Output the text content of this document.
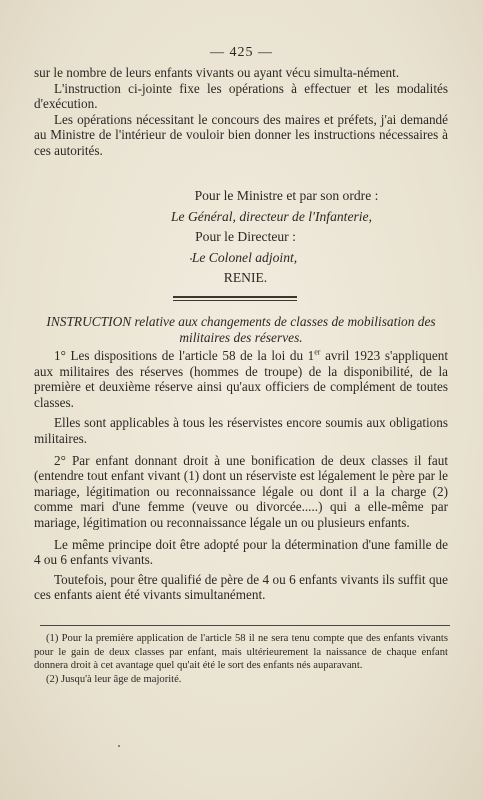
— 425 —

sur le nombre de leurs enfants vivants ou ayant vécu simulta-nément.

L'instruction ci-jointe fixe les opérations à effectuer et les modalités d'exécution.

Les opérations nécessitant le concours des maires et préfets, j'ai demandé au Ministre de l'intérieur de vouloir bien donner les instructions nécessaires à ces autorités.

Pour le Ministre et par son ordre :
Le Général, directeur de l'Infanterie,
Pour le Directeur :
Le Colonel adjoint,
RENIE.
INSTRUCTION relative aux changements de classes de mobilisation des militaires des réserves.

1° Les dispositions de l'article 58 de la loi du 1er avril 1923 s'appliquent aux militaires des réserves (hommes de troupe) de la disponibilité, de la première et deuxième réserve ainsi qu'aux officiers de complément de toutes classes.

Elles sont applicables à tous les réservistes encore soumis aux obligations militaires.

2° Par enfant donnant droit à une bonification de deux classes il faut (entendre tout enfant vivant (1) dont un réserviste est légalement le père par le mariage, légitimation ou reconnaissance légale ou dont il a la charge (2) comme mari d'une femme (veuve ou divorcée.....) qui a elle-même par mariage, légitimation ou reconnaissance légale un ou plusieurs enfants.

Le même principe doit être adopté pour la détermination d'une famille de 4 ou 6 enfants vivants.

Toutefois, pour être qualifié de père de 4 ou 6 enfants vivants ils suffit que ces enfants aient été vivants simultanément.

(1) Pour la première application de l'article 58 il ne sera tenu compte que des enfants vivants pour le gain de deux classes par enfant, mais ultérieurement la naissance de chaque enfant donnera droit à cet avantage quel qu'ait été le sort des enfants nés auparavant.

(2) Jusqu'à leur âge de majorité.
